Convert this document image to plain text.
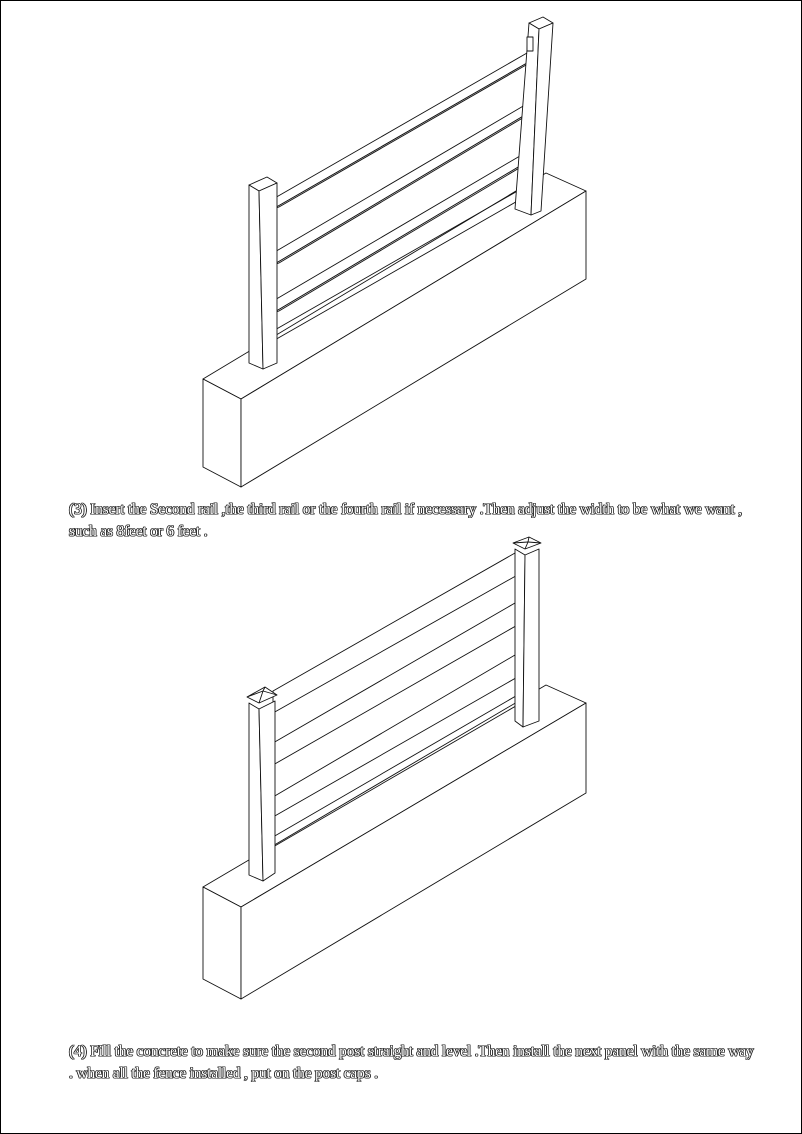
(3) Insert the Second rail ,the third rail or the fourth rail if necessary .Then adjust the width to be what we want , such as 8feet or 6 feet .
(4) Fill the concrete to make sure the second post straight and level .Then install the next panel with the same way . when all the fence installed , put on the post caps .
